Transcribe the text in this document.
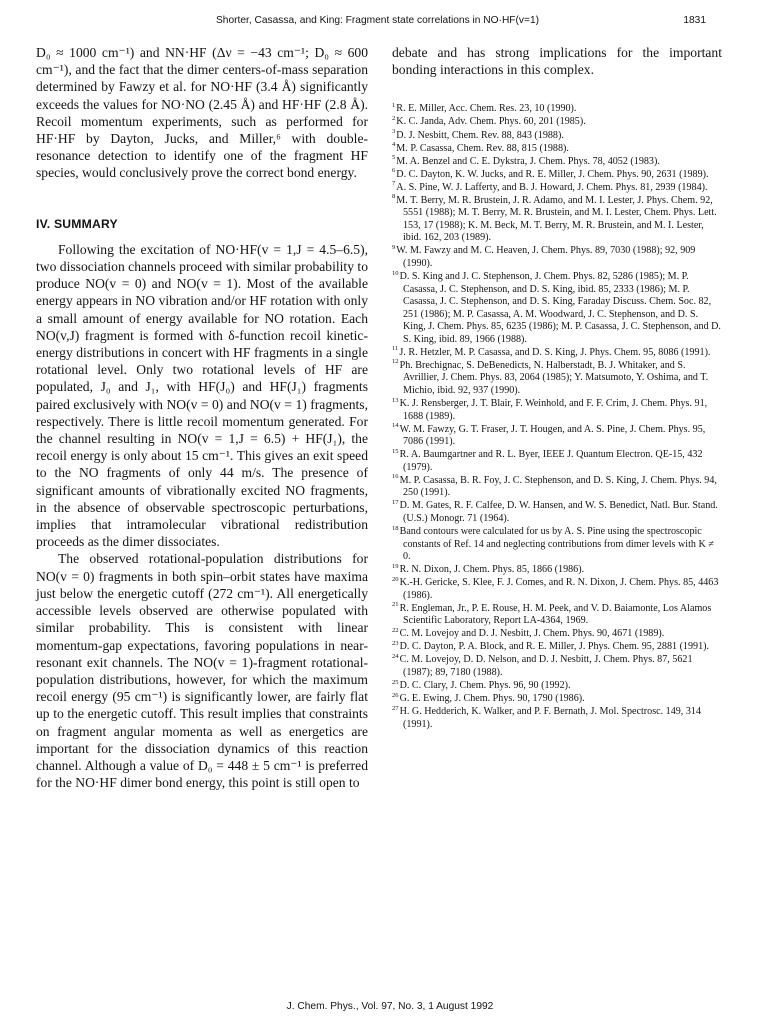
Shorter, Casassa, and King: Fragment state correlations in NO·HF(v=1)	1831

D₀ ≈ 1000 cm⁻¹) and NN·HF (Δν = −43 cm⁻¹; D₀ ≈ 600 cm⁻¹), and the fact that the dimer centers-of-mass separation determined by Fawzy et al. for NO·HF (3.4 Å) significantly exceeds the values for NO·NO (2.45 Å) and HF·HF (2.8 Å). Recoil momentum experiments, such as performed for HF·HF by Dayton, Jucks, and Miller,⁶ with double-resonance detection to identify one of the fragment HF species, would conclusively prove the correct bond energy.

IV. SUMMARY

Following the excitation of NO·HF(v = 1,J = 4.5–6.5), two dissociation channels proceed with similar probability to produce NO(v = 0) and NO(v = 1). Most of the available energy appears in NO vibration and/or HF rotation with only a small amount of energy available for NO rotation. Each NO(v,J) fragment is formed with δ-function recoil kinetic-energy distributions in concert with HF fragments in a single rotational level. Only two rotational levels of HF are populated, J₀ and J₁, with HF(J₀) and HF(J₁) fragments paired exclusively with NO(v = 0) and NO(v = 1) fragments, respectively. There is little recoil momentum generated. For the channel resulting in NO(v = 1,J = 6.5) + HF(J₁), the recoil energy is only about 15 cm⁻¹. This gives an exit speed to the NO fragments of only 44 m/s. The presence of significant amounts of vibrationally excited NO fragments, in the absence of observable spectroscopic perturbations, implies that intramolecular vibrational redistribution proceeds as the dimer dissociates.

The observed rotational-population distributions for NO(v = 0) fragments in both spin–orbit states have maxima just below the energetic cutoff (272 cm⁻¹). All energetically accessible levels observed are otherwise populated with similar probability. This is consistent with linear momentum-gap expectations, favoring populations in near-resonant exit channels. The NO(v = 1)-fragment rotational-population distributions, however, for which the maximum recoil energy (95 cm⁻¹) is significantly lower, are fairly flat up to the energetic cutoff. This result implies that constraints on fragment angular momenta as well as energetics are important for the dissociation dynamics of this reaction channel. Although a value of D₀ = 448 ± 5 cm⁻¹ is preferred for the NO·HF dimer bond energy, this point is still open to

debate and has strong implications for the important bonding interactions in this complex.

$^1$R. E. Miller, Acc. Chem. Res. 23, 10 (1990).
$^2$K. C. Janda, Adv. Chem. Phys. 60, 201 (1985).
$^3$D. J. Nesbitt, Chem. Rev. 88, 843 (1988).
$^4$M. P. Casassa, Chem. Rev. 88, 815 (1988).
$^5$M. A. Benzel and C. E. Dykstra, J. Chem. Phys. 78, 4052 (1983).
$^6$D. C. Dayton, K. W. Jucks, and R. E. Miller, J. Chem. Phys. 90, 2631 (1989).
$^7$A. S. Pine, W. J. Lafferty, and B. J. Howard, J. Chem. Phys. 81, 2939 (1984).
$^8$M. T. Berry, M. R. Brustein, J. R. Adamo, and M. I. Lester, J. Phys. Chem. 92, 5551 (1988); M. T. Berry, M. R. Brustein, and M. I. Lester, Chem. Phys. Lett. 153, 17 (1988); K. M. Beck, M. T. Berry, M. R. Brustein, and M. I. Lester, ibid. 162, 203 (1989).
$^9$W. M. Fawzy and M. C. Heaven, J. Chem. Phys. 89, 7030 (1988); 92, 909 (1990).
$^{10}$D. S. King and J. C. Stephenson, J. Chem. Phys. 82, 5286 (1985); M. P. Casassa, J. C. Stephenson, and D. S. King, ibid. 85, 2333 (1986); M. P. Casassa, J. C. Stephenson, and D. S. King, Faraday Discuss. Chem. Soc. 82, 251 (1986); M. P. Casassa, A. M. Woodward, J. C. Stephenson, and D. S. King, J. Chem. Phys. 85, 6235 (1986); M. P. Casassa, J. C. Stephenson, and D. S. King, ibid. 89, 1966 (1988).
$^{11}$J. R. Hetzler, M. P. Casassa, and D. S. King, J. Phys. Chem. 95, 8086 (1991).
$^{12}$Ph. Brechignac, S. DeBenedicts, N. Halberstadt, B. J. Whitaker, and S. Avrillier, J. Chem. Phys. 83, 2064 (1985); Y. Matsumoto, Y. Oshima, and T. Michio, ibid. 92, 937 (1990).
$^{13}$K. J. Rensberger, J. T. Blair, F. Weinhold, and F. F. Crim, J. Chem. Phys. 91, 1688 (1989).
$^{14}$W. M. Fawzy, G. T. Fraser, J. T. Hougen, and A. S. Pine, J. Chem. Phys. 95, 7086 (1991).
$^{15}$R. A. Baumgartner and R. L. Byer, IEEE J. Quantum Electron. QE-15, 432 (1979).
$^{16}$M. P. Casassa, B. R. Foy, J. C. Stephenson, and D. S. King, J. Chem. Phys. 94, 250 (1991).
$^{17}$D. M. Gates, R. F. Calfee, D. W. Hansen, and W. S. Benedict, Natl. Bur. Stand. (U.S.) Monogr. 71 (1964).
$^{18}$Band contours were calculated for us by A. S. Pine using the spectroscopic constants of Ref. 14 and neglecting contributions from dimer levels with K ≠ 0.
$^{19}$R. N. Dixon, J. Chem. Phys. 85, 1866 (1986).
$^{20}$K.-H. Gericke, S. Klee, F. J. Comes, and R. N. Dixon, J. Chem. Phys. 85, 4463 (1986).
$^{21}$R. Engleman, Jr., P. E. Rouse, H. M. Peek, and V. D. Baiamonte, Los Alamos Scientific Laboratory, Report LA-4364, 1969.
$^{22}$C. M. Lovejoy and D. J. Nesbitt, J. Chem. Phys. 90, 4671 (1989).
$^{23}$D. C. Dayton, P. A. Block, and R. E. Miller, J. Phys. Chem. 95, 2881 (1991).
$^{24}$C. M. Lovejoy, D. D. Nelson, and D. J. Nesbitt, J. Chem. Phys. 87, 5621 (1987); 89, 7180 (1988).
$^{25}$D. C. Clary, J. Chem. Phys. 96, 90 (1992).
$^{26}$G. E. Ewing, J. Chem. Phys. 90, 1790 (1986).
$^{27}$H. G. Hedderich, K. Walker, and P. F. Bernath, J. Mol. Spectrosc. 149, 314 (1991).
J. Chem. Phys., Vol. 97, No. 3, 1 August 1992
